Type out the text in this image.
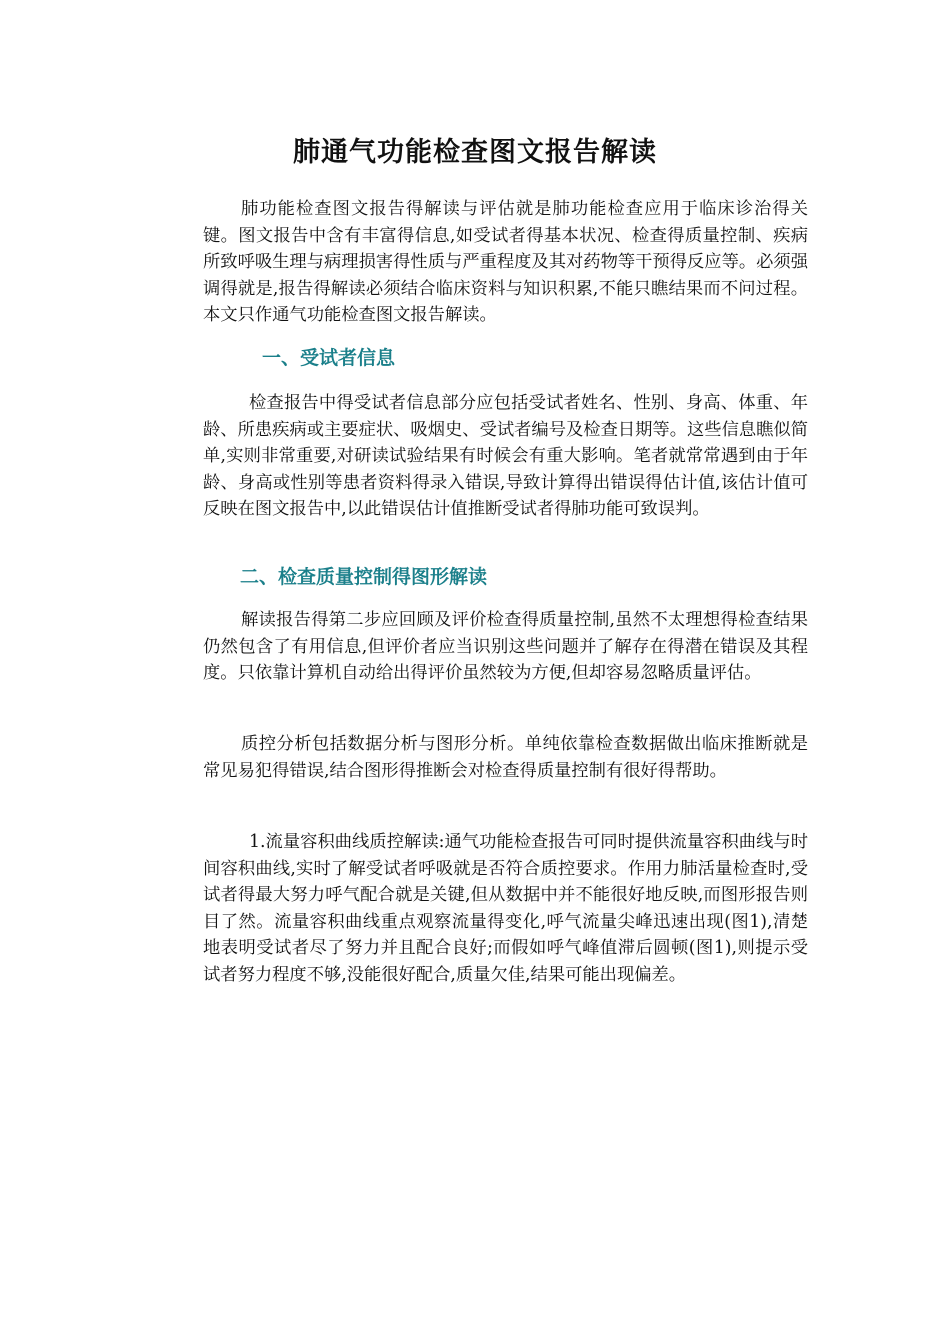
肺通气功能检查图文报告解读

肺功能检查图文报告得解读与评估就是肺功能检查应用于临床诊治得关键。图文报告中含有丰富得信息,如受试者得基本状况、检查得质量控制、疾病所致呼吸生理与病理损害得性质与严重程度及其对药物等干预得反应等。必须强调得就是,报告得解读必须结合临床资料与知识积累,不能只瞧结果而不问过程。本文只作通气功能检查图文报告解读。

一、受试者信息

检查报告中得受试者信息部分应包括受试者姓名、性别、身高、体重、年龄、所患疾病或主要症状、吸烟史、受试者编号及检查日期等。这些信息瞧似简单,实则非常重要,对研读试验结果有时候会有重大影响。笔者就常常遇到由于年龄、身高或性别等患者资料得录入错误,导致计算得出错误得估计值,该估计值可反映在图文报告中,以此错误估计值推断受试者得肺功能可致误判。

二、检查质量控制得图形解读

解读报告得第二步应回顾及评价检查得质量控制,虽然不太理想得检查结果仍然包含了有用信息,但评价者应当识别这些问题并了解存在得潜在错误及其程度。只依靠计算机自动给出得评价虽然较为方便,但却容易忽略质量评估。

质控分析包括数据分析与图形分析。单纯依靠检查数据做出临床推断就是常见易犯得错误,结合图形得推断会对检查得质量控制有很好得帮助。

1.流量容积曲线质控解读:通气功能检查报告可同时提供流量容积曲线与时间容积曲线,实时了解受试者呼吸就是否符合质控要求。作用力肺活量检查时,受试者得最大努力呼气配合就是关键,但从数据中并不能很好地反映,而图形报告则目了然。流量容积曲线重点观察流量得变化,呼气流量尖峰迅速出现(图1),清楚地表明受试者尽了努力并且配合良好;而假如呼气峰值滞后圆顿(图1),则提示受试者努力程度不够,没能很好配合,质量欠佳,结果可能出现偏差。
